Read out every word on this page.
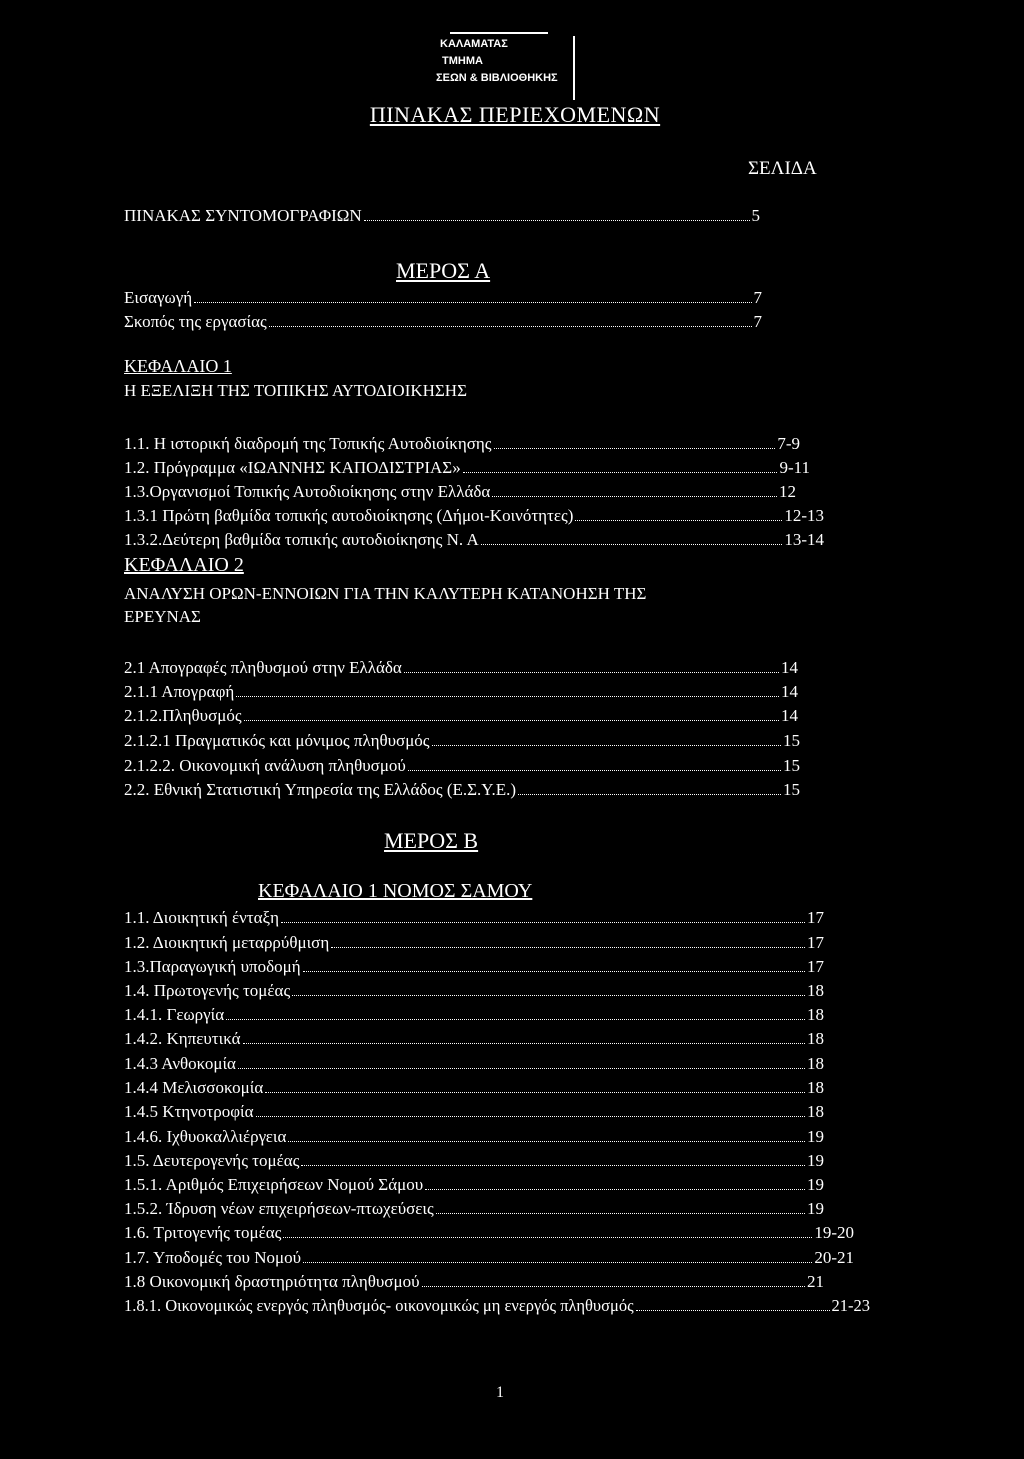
ΚΑΛΑΜΑΤΑΣ
ΤΜΗΜΑ
ΣΕΩΝ & ΒΙΒΛΙΟΘΗΚΗΣ
ΠΙΝΑΚΑΣ ΠΕΡΙΕΧΟΜΕΝΩΝ
ΣΕΛΙΔΑ
ΠΙΝΑΚΑΣ ΣΥΝΤΟΜΟΓΡΑΦΙΩΝ	5
ΜΕΡΟΣ Α
Εισαγωγή	7
Σκοπός της εργασίας	7
ΚΕΦΑΛΑΙΟ 1
Η ΕΞΕΛΙΞΗ ΤΗΣ ΤΟΠΙΚΗΣ ΑΥΤΟΔΙΟΙΚΗΣΗΣ
1.1. Η ιστορική διαδρομή της Τοπικής Αυτοδιοίκησης	7-9
1.2. Πρόγραμμα «ΙΩΑΝΝΗΣ ΚΑΠΟΔΙΣΤΡΙΑΣ»	9-11
1.3.Οργανισμοί Τοπικής Αυτοδιοίκησης στην Ελλάδα	12
1.3.1 Πρώτη βαθμίδα τοπικής αυτοδιοίκησης (Δήμοι-Κοινότητες)	12-13
1.3.2.Δεύτερη βαθμίδα τοπικής αυτοδιοίκησης Ν. Α	13-14
ΚΕΦΑΛΑΙΟ 2
ΑΝΑΛΥΣΗ ΟΡΩΝ-ΕΝΝΟΙΩΝ ΓΙΑ ΤΗΝ ΚΑΛΥΤΕΡΗ ΚΑΤΑΝΟΗΣΗ ΤΗΣ
ΕΡΕΥΝΑΣ
2.1 Απογραφές πληθυσμού στην Ελλάδα	14
2.1.1 Απογραφή	14
2.1.2.Πληθυσμός	14
2.1.2.1 Πραγματικός και μόνιμος πληθυσμός	15
2.1.2.2. Οικονομική ανάλυση πληθυσμού	15
2.2. Εθνική Στατιστική Υπηρεσία της Ελλάδος (Ε.Σ.Υ.Ε.)	15
ΜΕΡΟΣ Β
ΚΕΦΑΛΑΙΟ 1 ΝΟΜΟΣ ΣΑΜΟΥ
1.1. Διοικητική ένταξη	17
1.2. Διοικητική μεταρρύθμιση	17
1.3.Παραγωγική υποδομή	17
1.4. Πρωτογενής τομέας	18
1.4.1. Γεωργία	18
1.4.2. Κηπευτικά	18
1.4.3 Ανθοκομία	18
1.4.4 Μελισσοκομία	18
1.4.5 Κτηνοτροφία	18
1.4.6. Ιχθυοκαλλιέργεια	19
1.5. Δευτερογενής τομέας	19
1.5.1. Αριθμός Επιχειρήσεων Νομού Σάμου	19
1.5.2. Ίδρυση νέων επιχειρήσεων-πτωχεύσεις	19
1.6. Τριτογενής τομέας	19-20
1.7. Υποδομές του Νομού	20-21
1.8 Οικονομική δραστηριότητα πληθυσμού	21
1.8.1. Οικονομικώς ενεργός πληθυσμός- οικονομικώς μη ενεργός πληθυσμός	21-23
1
